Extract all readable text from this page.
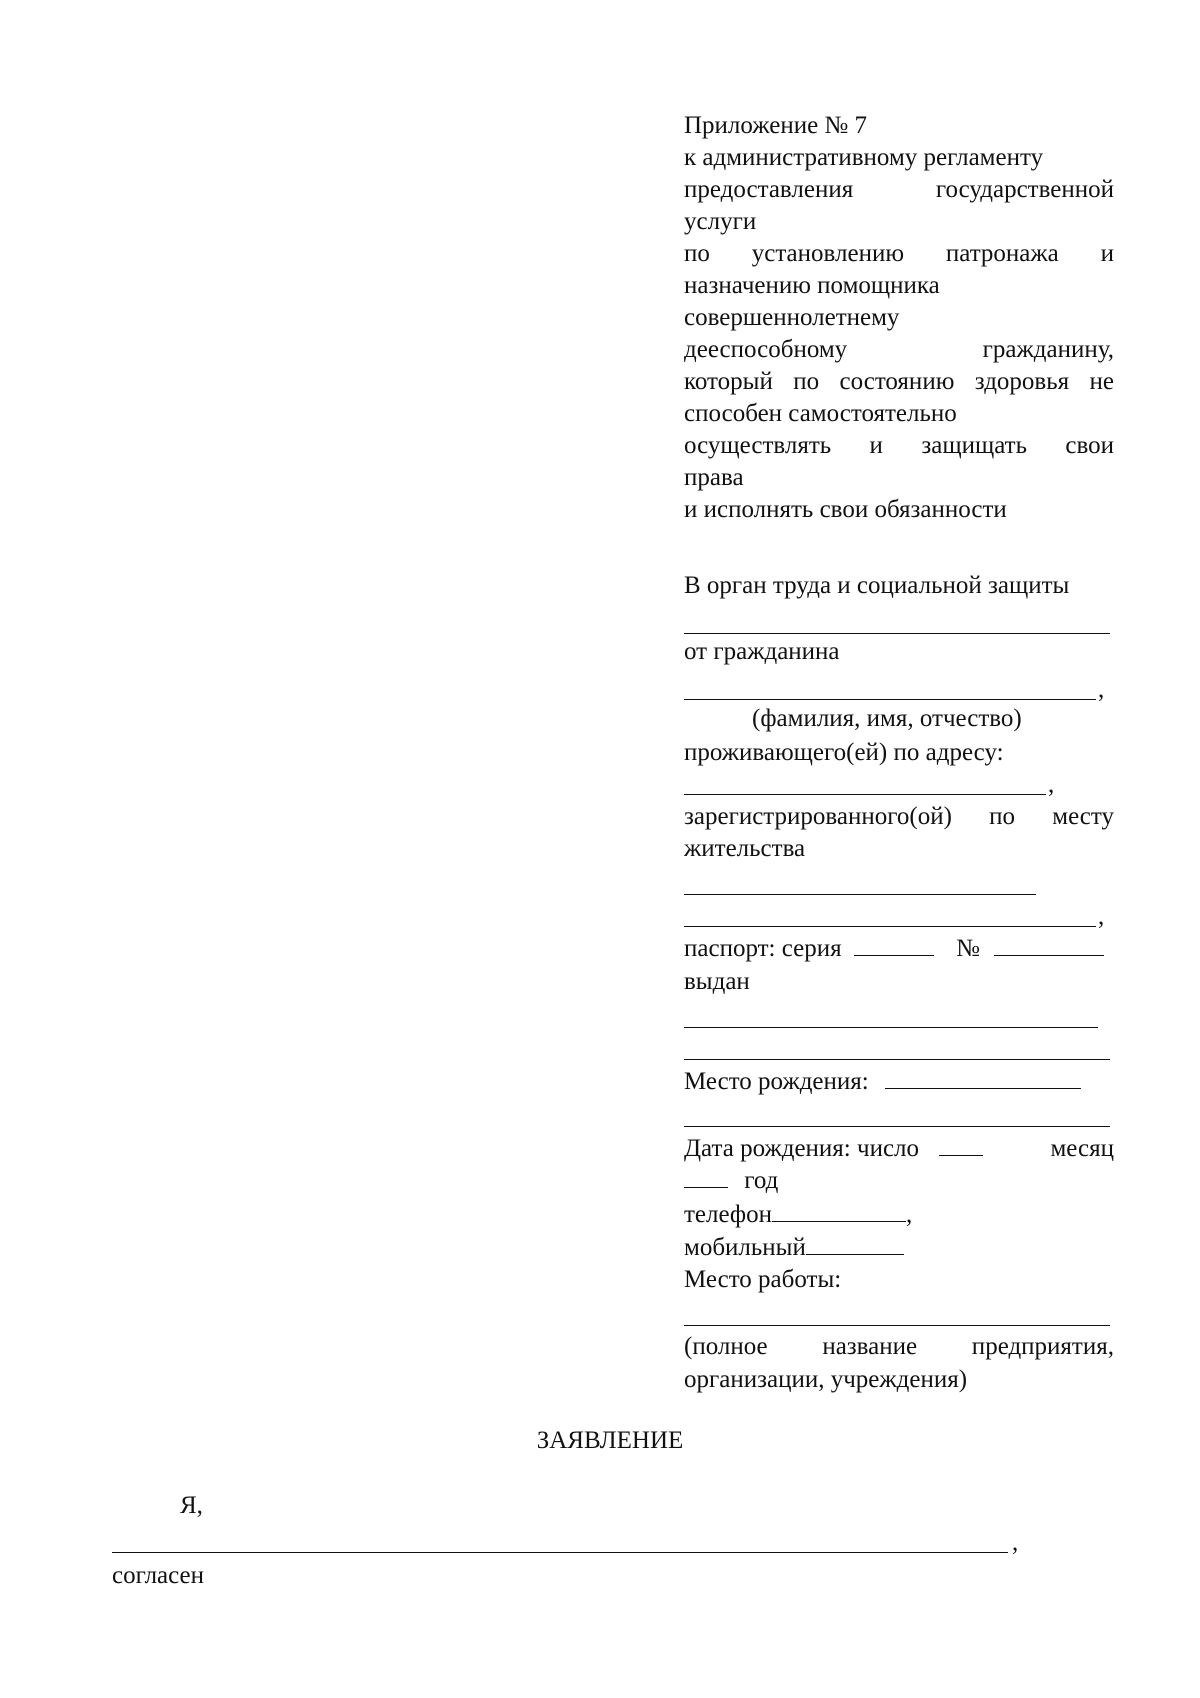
Приложение № 7
к административному регламенту
предоставления государственной
услуги
по установлению патронажа и
назначению помощника
совершеннолетнему
дееспособному гражданину,
который по состоянию здоровья не
способен самостоятельно
осуществлять и защищать свои
права
и исполнять свои обязанности
В орган труда и социальной защиты
от гражданина
,
(фамилия, имя, отчество)
проживающего(ей) по адресу:
,
зарегистрированного(ой) по месту
жительства
,
паспорт: серия	№
выдан
Место рождения:
Дата рождения: число	месяц
год
телефон	,
мобильный
Место работы:
(полное название предприятия,
организации, учреждения)
ЗАЯВЛЕНИЕ
Я,
,
согласен
